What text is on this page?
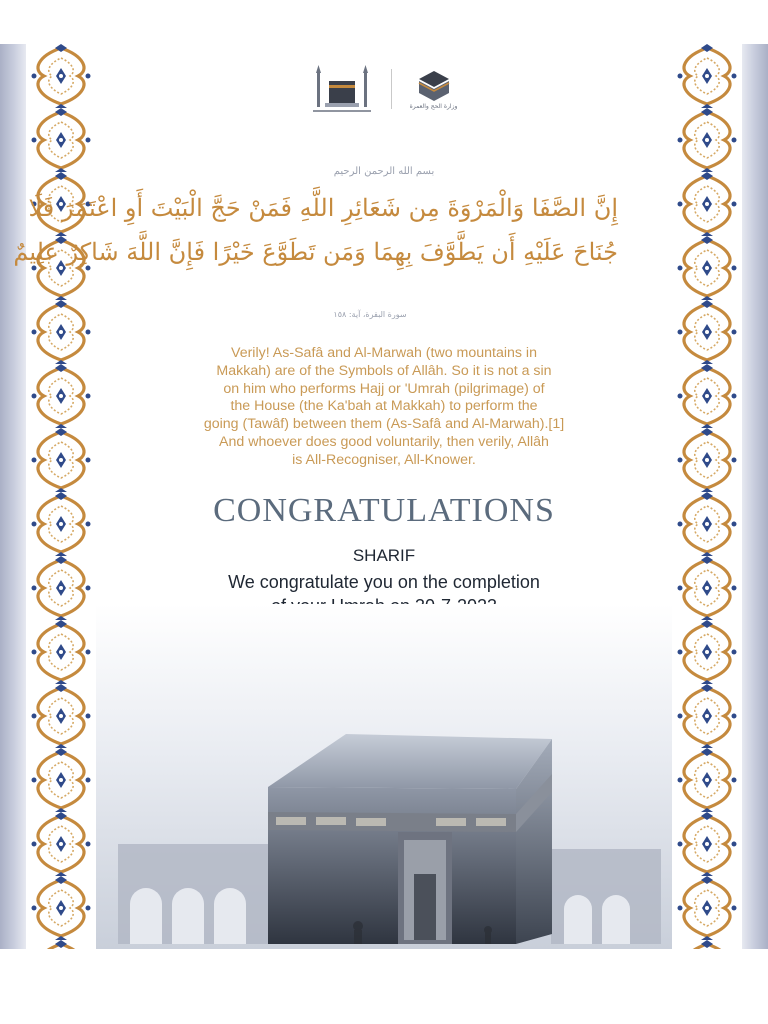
وزارة الحج والعمرة
بسم الله الرحمن الرحيم
إِنَّ الصَّفَا وَالْمَرْوَةَ مِن شَعَائِرِ اللَّهِ فَمَنْ حَجَّ الْبَيْتَ أَوِ اعْتَمَرَ فَلَا
جُنَاحَ عَلَيْهِ أَن يَطَّوَّفَ بِهِمَا وَمَن تَطَوَّعَ خَيْرًا فَإِنَّ اللَّهَ شَاكِرٌ عَلِيمٌ
سورة البقرة، آية: ١٥٨
Verily! As-Safâ and Al-Marwah (two mountains in
Makkah) are of the Symbols of Allâh. So it is not a sin
on him who performs Hajj or 'Umrah (pilgrimage) of
the House (the Ka'bah at Makkah) to perform the
going (Tawâf) between them (As-Safâ and Al-Marwah).[1]
And whoever does good voluntarily, then verily, Allâh
is All-Recogniser, All-Knower.
CONGRATULATIONS
SHARIF
We congratulate you on the completion
